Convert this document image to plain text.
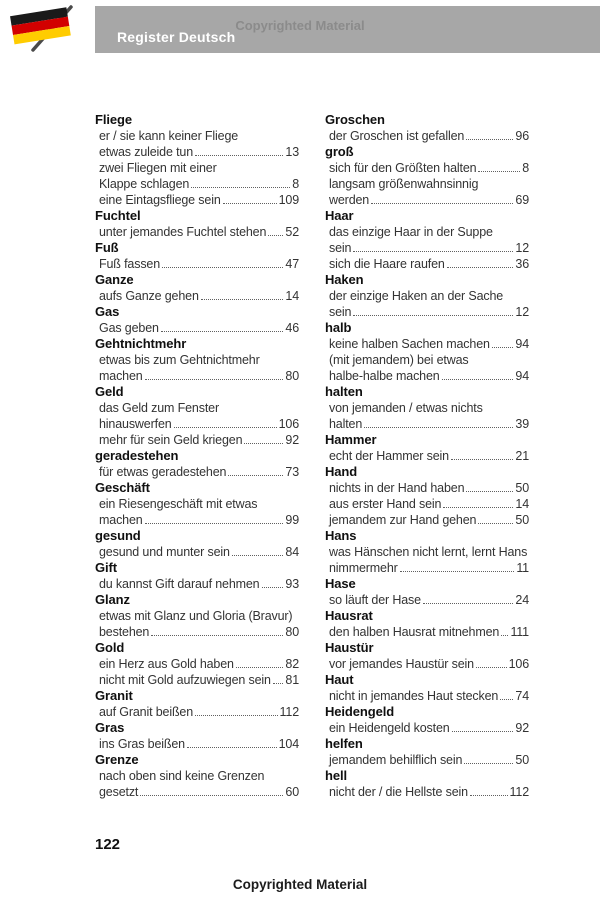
Register Deutsch
Copyrighted Material
Fliege
er / sie kann keiner Fliege
etwas zuleide tun	13
zwei Fliegen mit einer
Klappe schlagen	8
eine Eintagsfliege sein	109
Fuchtel
unter jemandes Fuchtel stehen 52
Fuß
Fuß fassen	47
Ganze
aufs Ganze gehen	14
Gas
Gas geben	46
Gehtnichtmehr
etwas bis zum Gehtnichtmehr
machen	80
Geld
das Geld zum Fenster
hinauswerfen	106
mehr für sein Geld kriegen	92
geradestehen
für etwas geradestehen	73
Geschäft
ein Riesengeschäft mit etwas
machen	99
gesund
gesund und munter sein	84
Gift
du kannst Gift darauf nehmen 93
Glanz
etwas mit Glanz und Gloria (Bravur)
bestehen	80
Gold
ein Herz aus Gold haben	82
nicht mit Gold aufzuwiegen sein 81
Granit
auf Granit beißen	112
Gras
ins Gras beißen	104
Grenze
nach oben sind keine Grenzen
gesetzt	60
Groschen
der Groschen ist gefallen	96
groß
sich für den Größten halten	8
langsam größenwahnsinnig
werden	69
Haar
das einzige Haar in der Suppe
sein	12
sich die Haare raufen	36
Haken
der einzige Haken an der Sache
sein	12
halb
keine halben Sachen machen 94
(mit jemandem) bei etwas
halbe-halbe machen	94
halten
von jemanden / etwas nichts
halten	39
Hammer
echt der Hammer sein	21
Hand
nichts in der Hand haben	50
aus erster Hand sein	14
jemandem zur Hand gehen	50
Hans
was Hänschen nicht lernt, lernt Hans
nimmermehr	11
Hase
so läuft der Hase	24
Hausrat
den halben Hausrat mitnehmen 111
Haustür
vor jemandes Haustür sein	106
Haut
nicht in jemandes Haut stecken 74
Heidengeld
ein Heidengeld kosten	92
helfen
jemandem behilflich sein	50
hell
nicht der / die Hellste sein	112
122
Copyrighted Material
